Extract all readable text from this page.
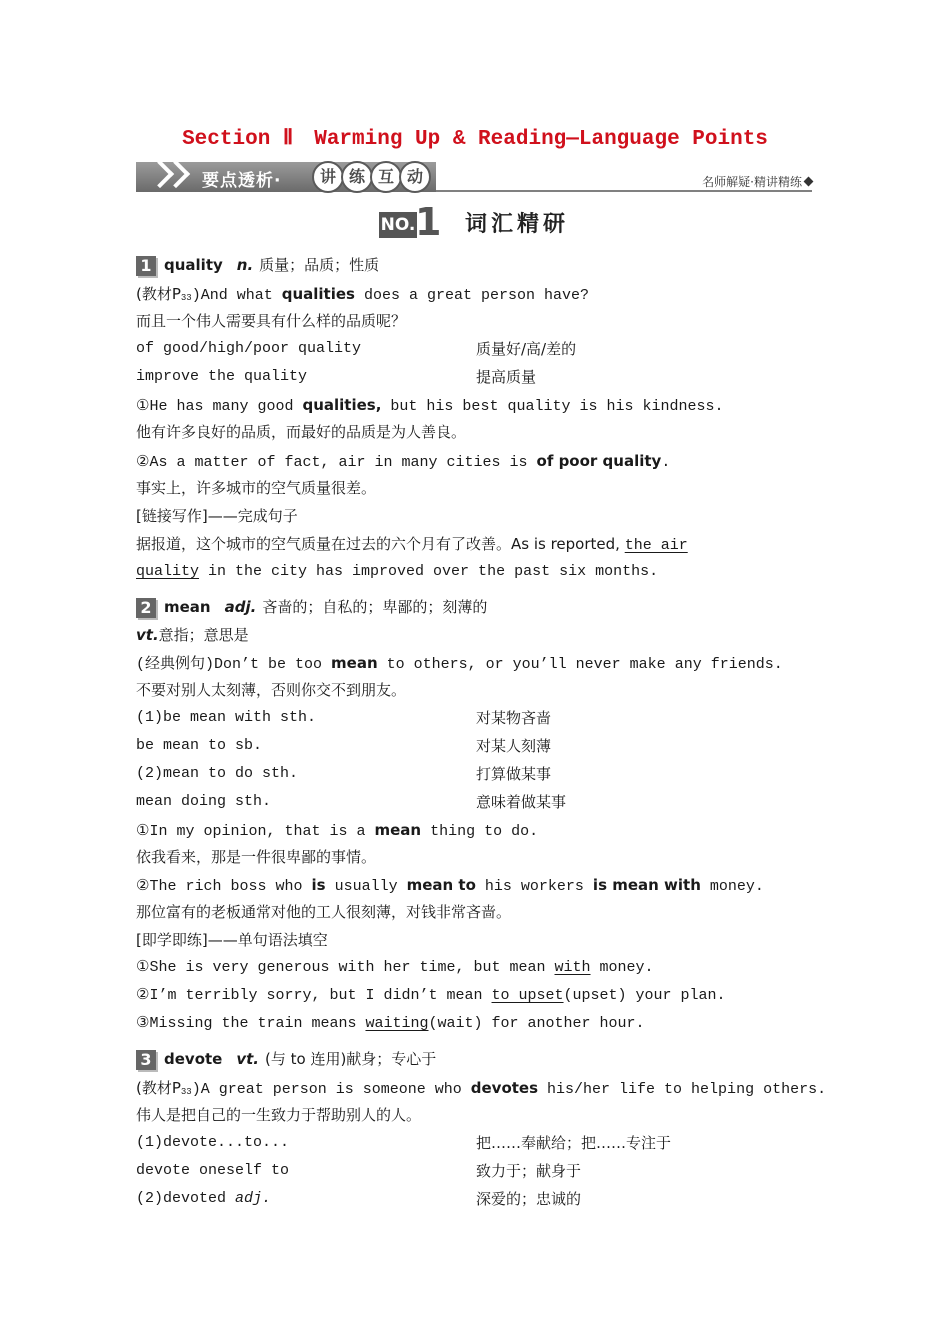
Section Ⅱ　Warming Up & Reading—Language Points
要点透析·	讲 练 互 动	名师解疑·精讲精练
NO. 1 词汇精研
1 quality n. 质量；品质；性质
(教材P33)And what qualities does a great person have?
而且一个伟人需要具有什么样的品质呢？
of good/high/poor quality	质量好/高/差的
improve the quality	提高质量
①He has many good qualities, but his best quality is his kindness.
他有许多良好的品质，而最好的品质是为人善良。
②As a matter of fact, air in many cities is of poor quality.
事实上，许多城市的空气质量很差。
[链接写作]——完成句子
据报道，这个城市的空气质量在过去的六个月有了改善。As is reported, the air
quality in the city has improved over the past six months.
2 mean adj. 吝啬的；自私的；卑鄙的；刻薄的
vt.意指；意思是
(经典例句)Don’t be too mean to others, or you’ll never make any friends.
不要对别人太刻薄，否则你交不到朋友。
(1)be mean with sth.	对某物吝啬
be mean to sb.	对某人刻薄
(2)mean to do sth.	打算做某事
mean doing sth.	意味着做某事
①In my opinion, that is a mean thing to do.
依我看来，那是一件很卑鄙的事情。
②The rich boss who is usually mean to his workers is mean with money.
那位富有的老板通常对他的工人很刻薄，对钱非常吝啬。
[即学即练]——单句语法填空
①She is very generous with her time, but mean with money.
②I’m terribly sorry, but I didn’t mean to upset(upset) your plan.
③Missing the train means waiting(wait) for another hour.
3 devote vt. (与 to 连用)献身；专心于
(教材P33)A great person is someone who devotes his/her life to helping others.
伟人是把自己的一生致力于帮助别人的人。
(1)devote...to...	把……奉献给；把……专注于
devote oneself to	致力于；献身于
(2)devoted adj.	深爱的；忠诚的
